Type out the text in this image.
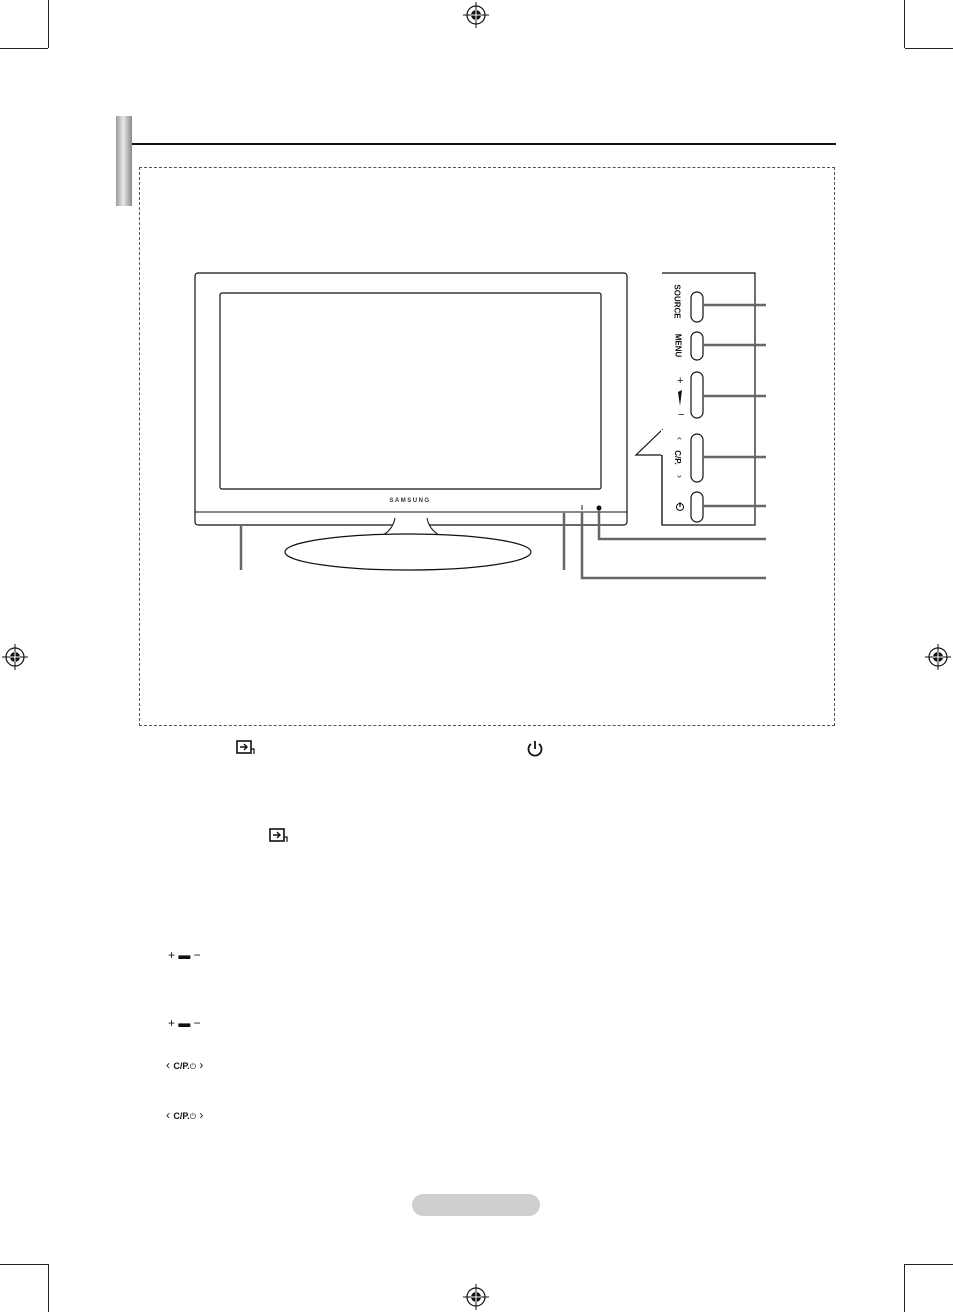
+
−
‹
›
SAMSUNG
SOURCE
MENU
C/P.
+ ▬ −
+ ▬ −
‹ C/P.⏻ ›
‹ C/P.⏻ ›
